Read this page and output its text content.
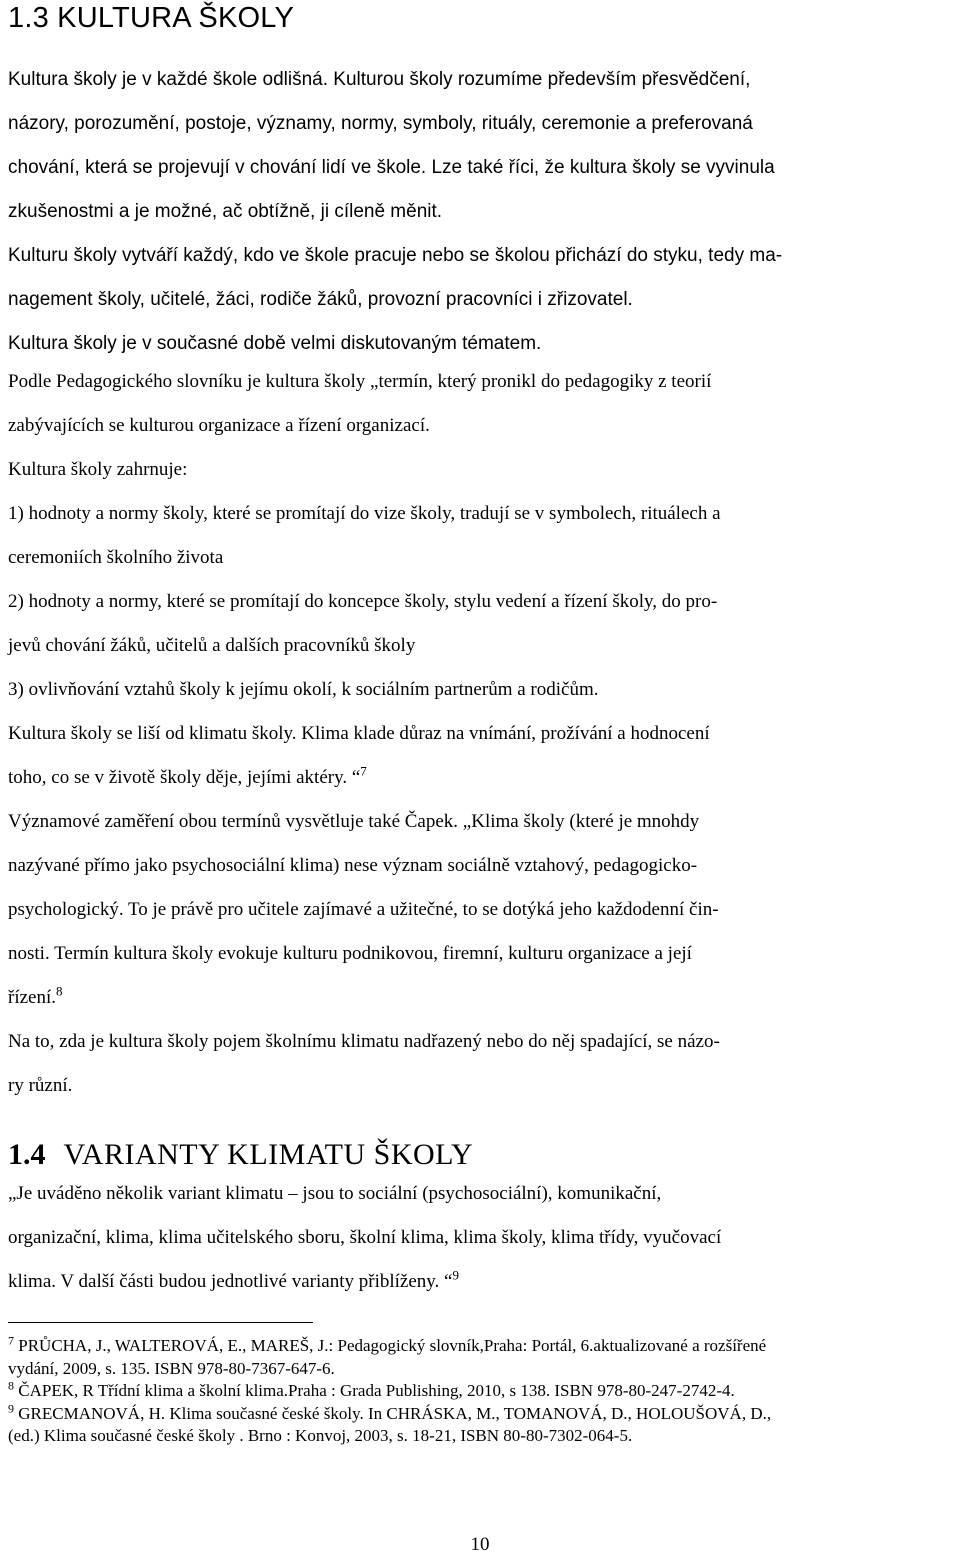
1.3 KULTURA ŠKOLY

Kultura školy je v každé škole odlišná. Kulturou školy rozumíme především přesvědčení,

názory, porozumění, postoje, významy, normy, symboly, rituály, ceremonie a preferovaná

chování, která se projevují v chování lidí ve škole. Lze také říci, že kultura školy se vyvinula

zkušenostmi a je možné, ač obtížně, ji cíleně měnit.

Kulturu školy vytváří každý, kdo ve škole pracuje nebo se školou přichází do styku, tedy ma-

nagement školy, učitelé, žáci, rodiče žáků, provozní pracovníci i zřizovatel.

Kultura školy je v současné době velmi diskutovaným tématem.

Podle Pedagogického slovníku je kultura školy „termín, který pronikl do pedagogiky z teorií

zabývajících se kulturou organizace a řízení organizací.

Kultura školy zahrnuje:

1) hodnoty a normy školy, které se promítají do vize školy, tradují se v symbolech, rituálech a

ceremoniích školního života

2) hodnoty a normy, které se promítají do koncepce školy, stylu vedení a řízení školy, do pro-

jevů chování žáků, učitelů a dalších pracovníků školy

3) ovlivňování vztahů školy k jejímu okolí, k sociálním partnerům a rodičům.

Kultura školy se liší od klimatu školy. Klima klade důraz na vnímání, prožívání a hodnocení

toho, co se v životě školy děje, jejími aktéry. “$^7$

Významové zaměření obou termínů vysvětluje také Čapek. „Klima školy (které je mnohdy

nazývané přímo jako psychosociální klima) nese význam sociálně vztahový, pedagogicko-

psychologický. To je právě pro učitele zajímavé a užitečné, to se dotýká jeho každodenní čin-

nosti. Termín kultura školy evokuje kulturu podnikovou, firemní, kulturu organizace a její

řízení.$^8$

Na to, zda je kultura školy pojem školnímu klimatu nadřazený nebo do něj spadající, se názo-

ry různí.

1.4 VARIANTY KLIMATU ŠKOLY

„Je uváděno několik variant klimatu – jsou to sociální (psychosociální), komunikační,

organizační, klima, klima učitelského sboru, školní klima, klima školy, klima třídy, vyučovací

klima. V další části budou jednotlivé varianty přiblíženy. “$^9$

$^7$ PRŮCHA, J., WALTEROVÁ, E., MAREŠ, J.: Pedagogický slovník,Praha: Portál, 6.aktualizované a rozšířené
vydání, 2009, s. 135. ISBN 978-80-7367-647-6.
$^8$ ČAPEK, R Třídní klima a školní klima.Praha : Grada Publishing, 2010, s 138. ISBN 978-80-247-2742-4.
$^9$ GRECMANOVÁ, H. Klima současné české školy. In CHRÁSKA, M., TOMANOVÁ, D., HOLOUŠOVÁ, D.,
(ed.) Klima současné české školy . Brno : Konvoj, 2003, s. 18-21, ISBN 80-80-7302-064-5.
10
